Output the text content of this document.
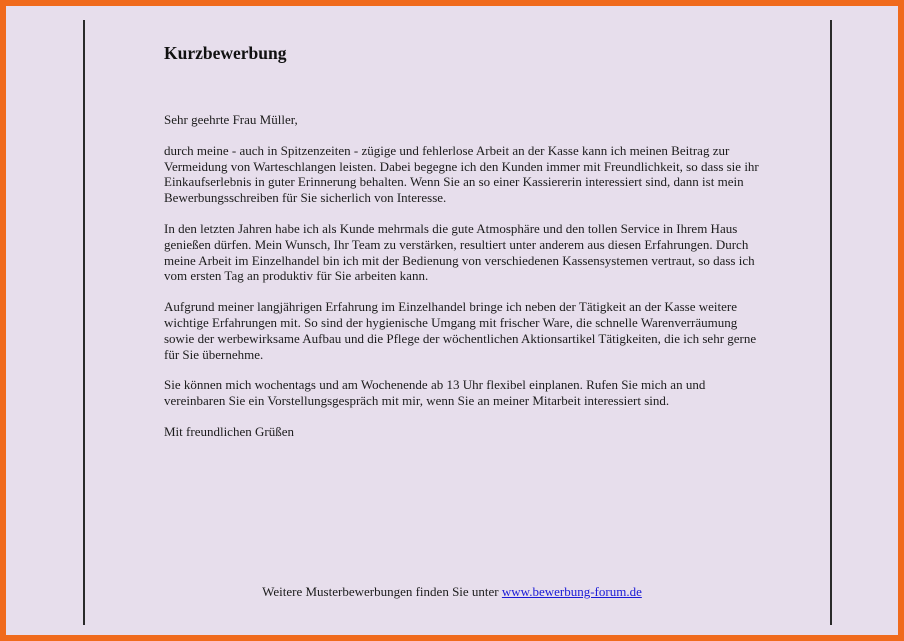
Kurzbewerbung

Sehr geehrte Frau Müller,

durch meine - auch in Spitzenzeiten - zügige und fehlerlose Arbeit an der Kasse kann ich meinen Beitrag zur Vermeidung von Warteschlangen leisten. Dabei begegne ich den Kunden immer mit Freundlichkeit, so dass sie ihr Einkaufserlebnis in guter Erinnerung behalten. Wenn Sie an so einer Kassiererin interessiert sind, dann ist mein Bewerbungsschreiben für Sie sicherlich von Interesse.

In den letzten Jahren habe ich als Kunde mehrmals die gute Atmosphäre und den tollen Service in Ihrem Haus genießen dürfen. Mein Wunsch, Ihr Team zu verstärken, resultiert unter anderem aus diesen Erfahrungen. Durch meine Arbeit im Einzelhandel bin ich mit der Bedienung von verschiedenen Kassensystemen vertraut, so dass ich vom ersten Tag an produktiv für Sie arbeiten kann.

Aufgrund meiner langjährigen Erfahrung im Einzelhandel bringe ich neben der Tätigkeit an der Kasse weitere wichtige Erfahrungen mit. So sind der hygienische Umgang mit frischer Ware, die schnelle Warenverräumung sowie der werbewirksame Aufbau und die Pflege der wöchentlichen Aktionsartikel Tätigkeiten, die ich sehr gerne für Sie übernehme.

Sie können mich wochentags und am Wochenende ab 13 Uhr flexibel einplanen. Rufen Sie mich an und vereinbaren Sie ein Vorstellungsgespräch mit mir, wenn Sie an meiner Mitarbeit interessiert sind.

Mit freundlichen Grüßen

Weitere Musterbewerbungen finden Sie unter www.bewerbung-forum.de
